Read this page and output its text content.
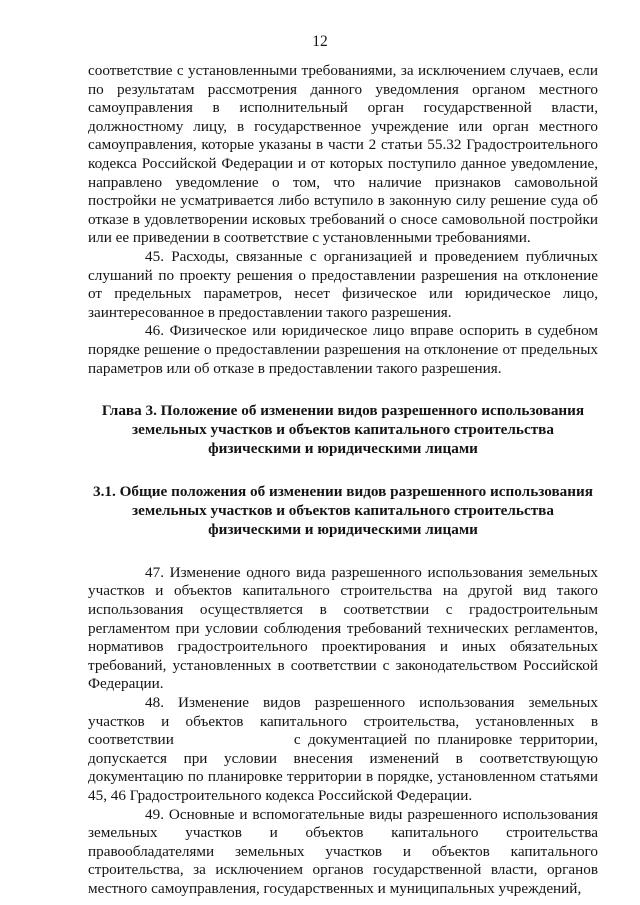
12

соответствие с установленными требованиями, за исключением случаев, если по результатам рассмотрения данного уведомления органом местного самоуправления в исполнительный орган государственной власти, должностному лицу, в государственное учреждение или орган местного самоуправления, которые указаны в части 2 статьи 55.32 Градостроительного кодекса Российской Федерации и от которых поступило данное уведомление, направлено уведомление о том, что наличие признаков самовольной постройки не усматривается либо вступило в законную силу решение суда об отказе в удовлетворении исковых требований о сносе самовольной постройки или ее приведении в соответствие с установленными требованиями.

45. Расходы, связанные с организацией и проведением публичных слушаний по проекту решения о предоставлении разрешения на отклонение от предельных параметров, несет физическое или юридическое лицо, заинтересованное в предоставлении такого разрешения.

46. Физическое или юридическое лицо вправе оспорить в судебном порядке решение о предоставлении разрешения на отклонение от предельных параметров или об отказе в предоставлении такого разрешения.

Глава 3. Положение об изменении видов разрешенного использования земельных участков и объектов капитального строительства физическими и юридическими лицами

3.1. Общие положения об изменении видов разрешенного использования земельных участков и объектов капитального строительства физическими и юридическими лицами

47. Изменение одного вида разрешенного использования земельных участков и объектов капитального строительства на другой вид такого использования осуществляется в соответствии с градостроительным регламентом при условии соблюдения требований технических регламентов, нормативов градостроительного проектирования и иных обязательных требований, установленных в соответствии с законодательством Российской Федерации.

48. Изменение видов разрешенного использования земельных участков и объектов капитального строительства, установленных в соответствии	с документацией по планировке территории, допускается при условии внесения изменений в соответствующую документацию по планировке территории в порядке, установленном статьями 45, 46 Градостроительного кодекса Российской Федерации.

49. Основные и вспомогательные виды разрешенного использования земельных участков и объектов капитального строительства правообладателями земельных участков и объектов капитального строительства, за исключением органов государственной власти, органов местного самоуправления, государственных и муниципальных учреждений,
